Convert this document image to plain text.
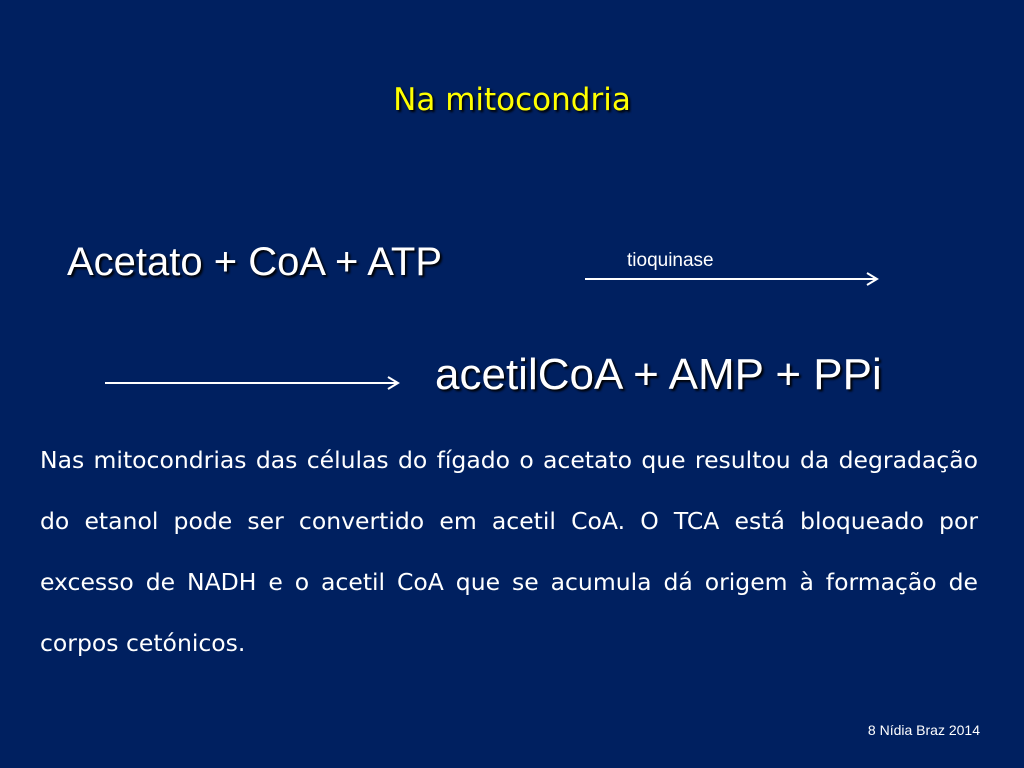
Na mitocondria
Acetato + CoA + ATP	tioquinase
acetilCoA + AMP + PPi
Nas mitocondrias das células do fígado o acetato que resultou da degradação do etanol pode ser convertido em acetil CoA. O TCA está bloqueado por excesso de NADH e o acetil CoA que se acumula dá origem à formação de corpos cetónicos.
8 Nídia Braz 2014
